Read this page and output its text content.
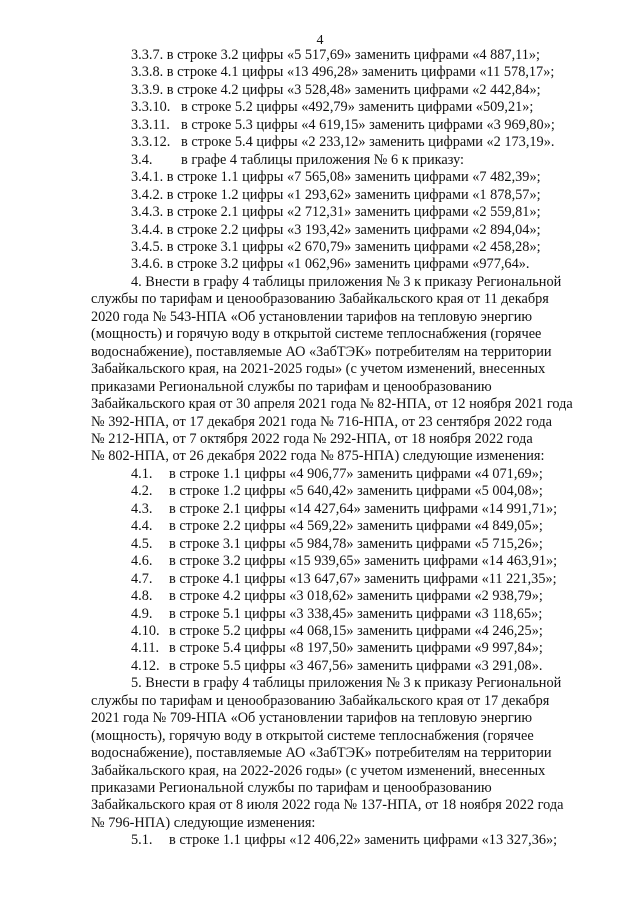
4
3.3.7. в строке 3.2 цифры «5 517,69» заменить цифрами «4 887,11»;
3.3.8. в строке 4.1 цифры «13 496,28» заменить цифрами «11 578,17»;
3.3.9. в строке 4.2 цифры «3 528,48» заменить цифрами «2 442,84»;
3.3.10. в строке 5.2 цифры «492,79» заменить цифрами «509,21»;
3.3.11. в строке 5.3 цифры «4 619,15» заменить цифрами «3 969,80»;
3.3.12. в строке 5.4 цифры «2 233,12» заменить цифрами «2 173,19».
3.4. в графе 4 таблицы приложения № 6 к приказу:
3.4.1. в строке 1.1 цифры «7 565,08» заменить цифрами «7 482,39»;
3.4.2. в строке 1.2 цифры «1 293,62» заменить цифрами «1 878,57»;
3.4.3. в строке 2.1 цифры «2 712,31» заменить цифрами «2 559,81»;
3.4.4. в строке 2.2 цифры «3 193,42» заменить цифрами «2 894,04»;
3.4.5. в строке 3.1 цифры «2 670,79» заменить цифрами «2 458,28»;
3.4.6. в строке 3.2 цифры «1 062,96» заменить цифрами «977,64».
4. Внести в графу 4 таблицы приложения № 3 к приказу Региональной
службы по тарифам и ценообразованию Забайкальского края от 11 декабря
2020 года № 543-НПА «Об установлении тарифов на тепловую энергию
(мощность) и горячую воду в открытой системе теплоснабжения (горячее
водоснабжение), поставляемые АО «ЗабТЭК» потребителям на территории
Забайкальского края, на 2021-2025 годы» (с учетом изменений, внесенных
приказами Региональной службы по тарифам и ценообразованию
Забайкальского края от 30 апреля 2021 года № 82-НПА, от 12 ноября 2021 года
№ 392-НПА, от 17 декабря 2021 года № 716-НПА, от 23 сентября 2022 года
№ 212-НПА, от 7 октября 2022 года № 292-НПА, от 18 ноября 2022 года
№ 802-НПА, от 26 декабря 2022 года № 875-НПА) следующие изменения:
4.1. в строке 1.1 цифры «4 906,77» заменить цифрами «4 071,69»;
4.2. в строке 1.2 цифры «5 640,42» заменить цифрами «5 004,08»;
4.3. в строке 2.1 цифры «14 427,64» заменить цифрами «14 991,71»;
4.4. в строке 2.2 цифры «4 569,22» заменить цифрами «4 849,05»;
4.5. в строке 3.1 цифры «5 984,78» заменить цифрами «5 715,26»;
4.6. в строке 3.2 цифры «15 939,65» заменить цифрами «14 463,91»;
4.7. в строке 4.1 цифры «13 647,67» заменить цифрами «11 221,35»;
4.8. в строке 4.2 цифры «3 018,62» заменить цифрами «2 938,79»;
4.9. в строке 5.1 цифры «3 338,45» заменить цифрами «3 118,65»;
4.10. в строке 5.2 цифры «4 068,15» заменить цифрами «4 246,25»;
4.11. в строке 5.4 цифры «8 197,50» заменить цифрами «9 997,84»;
4.12. в строке 5.5 цифры «3 467,56» заменить цифрами «3 291,08».
5. Внести в графу 4 таблицы приложения № 3 к приказу Региональной
службы по тарифам и ценообразованию Забайкальского края от 17 декабря
2021 года № 709-НПА «Об установлении тарифов на тепловую энергию
(мощность), горячую воду в открытой системе теплоснабжения (горячее
водоснабжение), поставляемые АО «ЗабТЭК» потребителям на территории
Забайкальского края, на 2022-2026 годы» (с учетом изменений, внесенных
приказами Региональной службы по тарифам и ценообразованию
Забайкальского края от 8 июля 2022 года № 137-НПА, от 18 ноября 2022 года
№ 796-НПА) следующие изменения:
5.1. в строке 1.1 цифры «12 406,22» заменить цифрами «13 327,36»;
